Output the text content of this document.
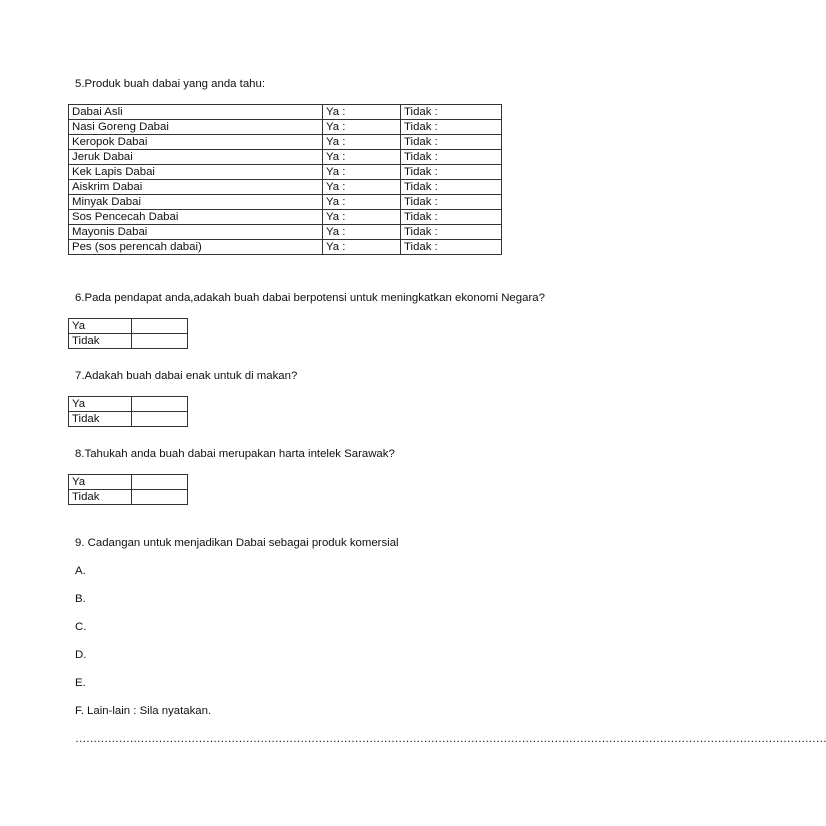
5.Produk buah dabai yang anda tahu:

Dabai Asli	Ya :	Tidak :
Nasi Goreng Dabai	Ya :	Tidak :
Keropok Dabai	Ya :	Tidak :
Jeruk Dabai	Ya :	Tidak :
Kek Lapis Dabai	Ya :	Tidak :
Aiskrim Dabai	Ya :	Tidak :
Minyak Dabai	Ya :	Tidak :
Sos Pencecah Dabai	Ya :	Tidak :
Mayonis Dabai	Ya :	Tidak :
Pes (sos perencah dabai)	Ya :	Tidak :

6.Pada pendapat anda,adakah buah dabai berpotensi untuk meningkatkan ekonomi Negara?

Ya	
Tidak	

7.Adakah buah dabai enak untuk di makan?

Ya	
Tidak	

8.Tahukah anda buah dabai merupakan harta intelek Sarawak?

Ya	
Tidak	

9. Cadangan untuk menjadikan Dabai sebagai produk komersial

A.

B.

C.

D.

E.

F. Lain-lain : Sila nyatakan.

………………………………………………………………………………………………………………………………………………………………………………………
